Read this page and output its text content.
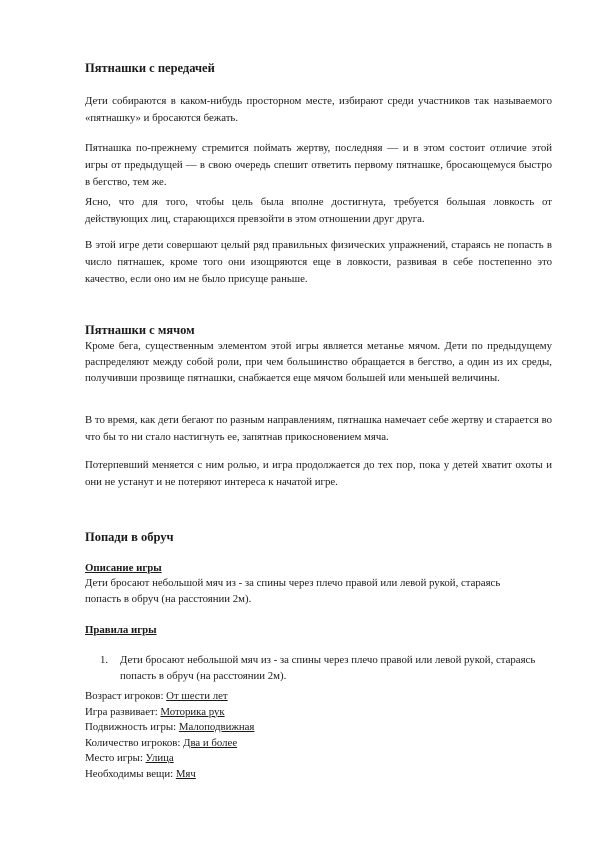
Пятнашки с передачей

Дети собираются в каком-нибудь просторном месте, избирают среди участников так называемого «пятнашку» и бросаются бежать.

Пятнашка по-прежнему стремится поймать жертву, последняя — и в этом состоит отличие этой игры от предыдущей — в свою очередь спешит ответить первому пятнашке, бросающемуся быстро в бегство, тем же.

Ясно, что для того, чтобы цель была вполне достигнута, требуется большая ловкость от действующих лиц, старающихся превзойти в этом отношении друг друга.

В этой игре дети совершают целый ряд правильных физических упражнений, стараясь не попасть в число пятнашек, кроме того они изощряются еще в ловкости, развивая в себе постепенно это качество, если оно им не было присуще раньше.

Пятнашки с мячом

Кроме бега, существенным элементом этой игры является метанье мячом. Дети по предыдущему распределяют между собой роли, при чем большинство обращается в бегство, а один из их среды, получивши прозвище пятнашки, снабжается еще мячом большей или меньшей величины.

В то время, как дети бегают по разным направлениям, пятнашка намечает себе жертву и старается во что бы то ни стало настигнуть ее, запятнав прикосновением мяча.

Потерпевший меняется с ним ролью, и игра продолжается до тех пор, пока у детей хватит охоты и они не устанут и не потеряют интереса к начатой игре.

Попади в обруч
Описание игры

Дети бросают небольшой мяч из - за спины через плечо правой или левой рукой, стараясь попасть в обруч (на расстоянии 2м).

Правила игры
1. Дети бросают небольшой мяч из - за спины через плечо правой или левой рукой, стараясь попасть в обруч (на расстоянии 2м).
Возраст игроков: От шести лет
Игра развивает: Моторика рук
Подвижность игры: Малоподвижная
Количество игроков: Два и более
Место игры: Улица
Необходимы вещи: Мяч
